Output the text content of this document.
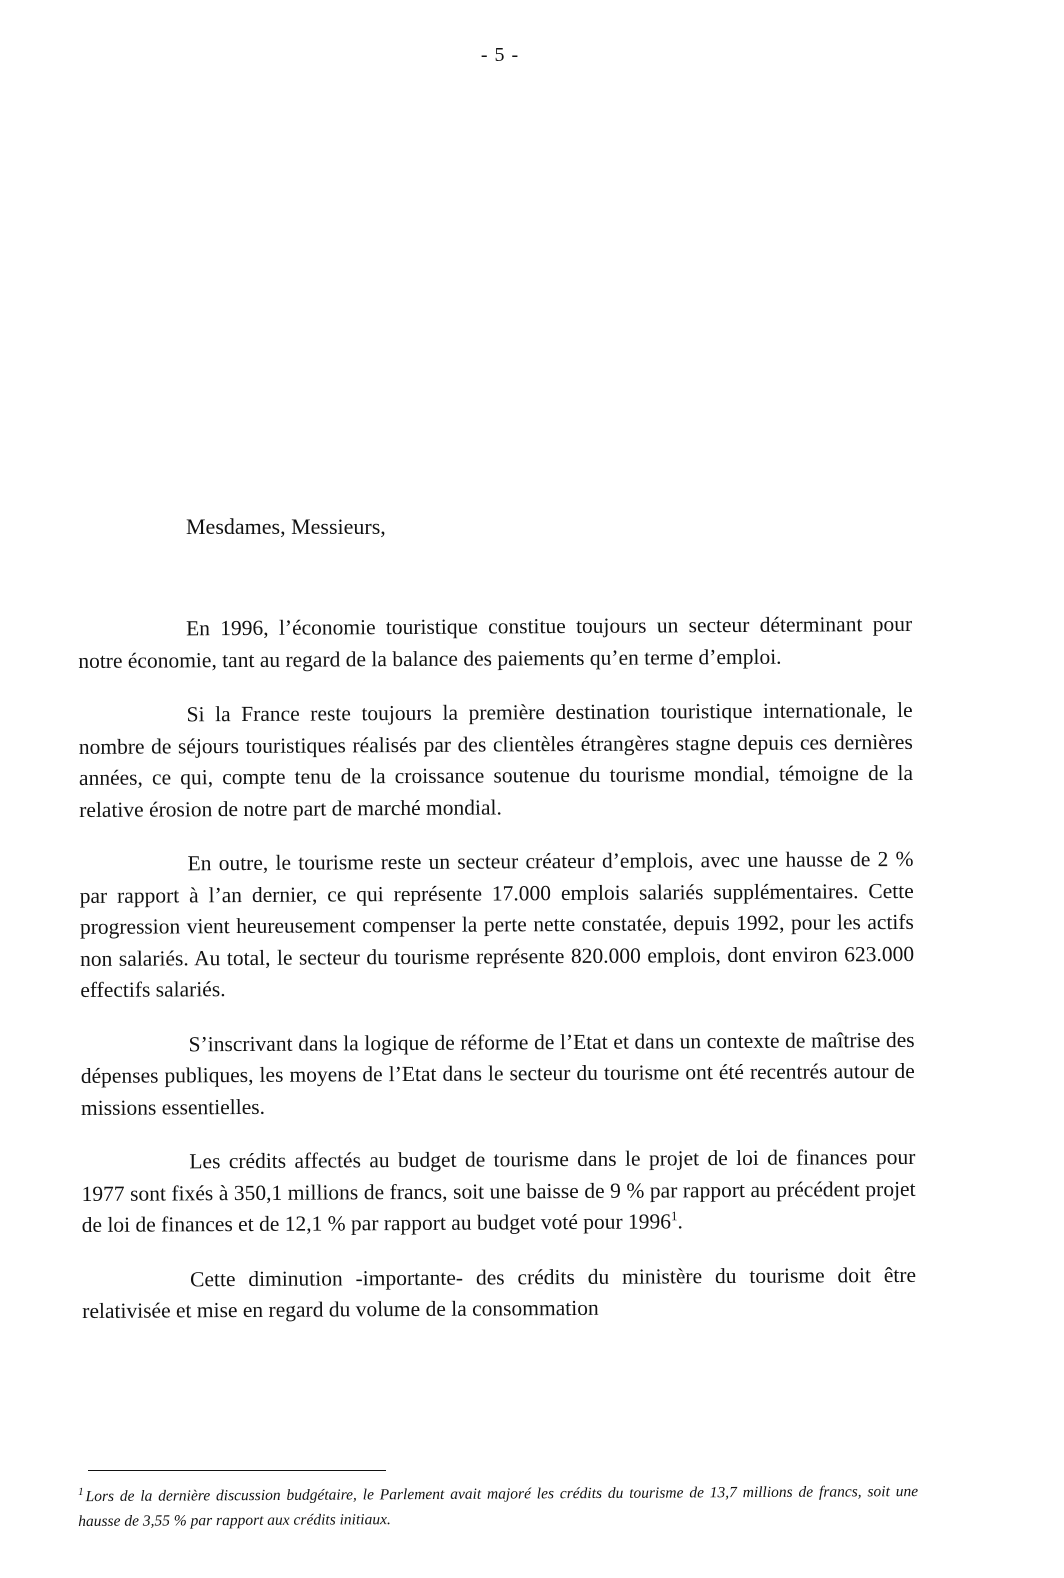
- 5 -
Mesdames, Messieurs,

En 1996, l’économie touristique constitue toujours un secteur déterminant pour notre économie, tant au regard de la balance des paiements qu’en terme d’emploi.

Si la France reste toujours la première destination touristique internationale, le nombre de séjours touristiques réalisés par des clientèles étrangères stagne depuis ces dernières années, ce qui, compte tenu de la croissance soutenue du tourisme mondial, témoigne de la relative érosion de notre part de marché mondial.

En outre, le tourisme reste un secteur créateur d’emplois, avec une hausse de 2 % par rapport à l’an dernier, ce qui représente 17.000 emplois salariés supplémentaires. Cette progression vient heureusement compenser la perte nette constatée, depuis 1992, pour les actifs non salariés. Au total, le secteur du tourisme représente 820.000 emplois, dont environ 623.000 effectifs salariés.

S’inscrivant dans la logique de réforme de l’Etat et dans un contexte de maîtrise des dépenses publiques, les moyens de l’Etat dans le secteur du tourisme ont été recentrés autour de missions essentielles.

Les crédits affectés au budget de tourisme dans le projet de loi de finances pour 1977 sont fixés à 350,1 millions de francs, soit une baisse de 9 % par rapport au précédent projet de loi de finances et de 12,1 % par rapport au budget voté pour 1996$^1$.

Cette diminution -importante- des crédits du ministère du tourisme doit être relativisée et mise en regard du volume de la consommation

$^1$ Lors de la dernière discussion budgétaire, le Parlement avait majoré les crédits du tourisme de 13,7 millions de francs, soit une hausse de 3,55 % par rapport aux crédits initiaux.
